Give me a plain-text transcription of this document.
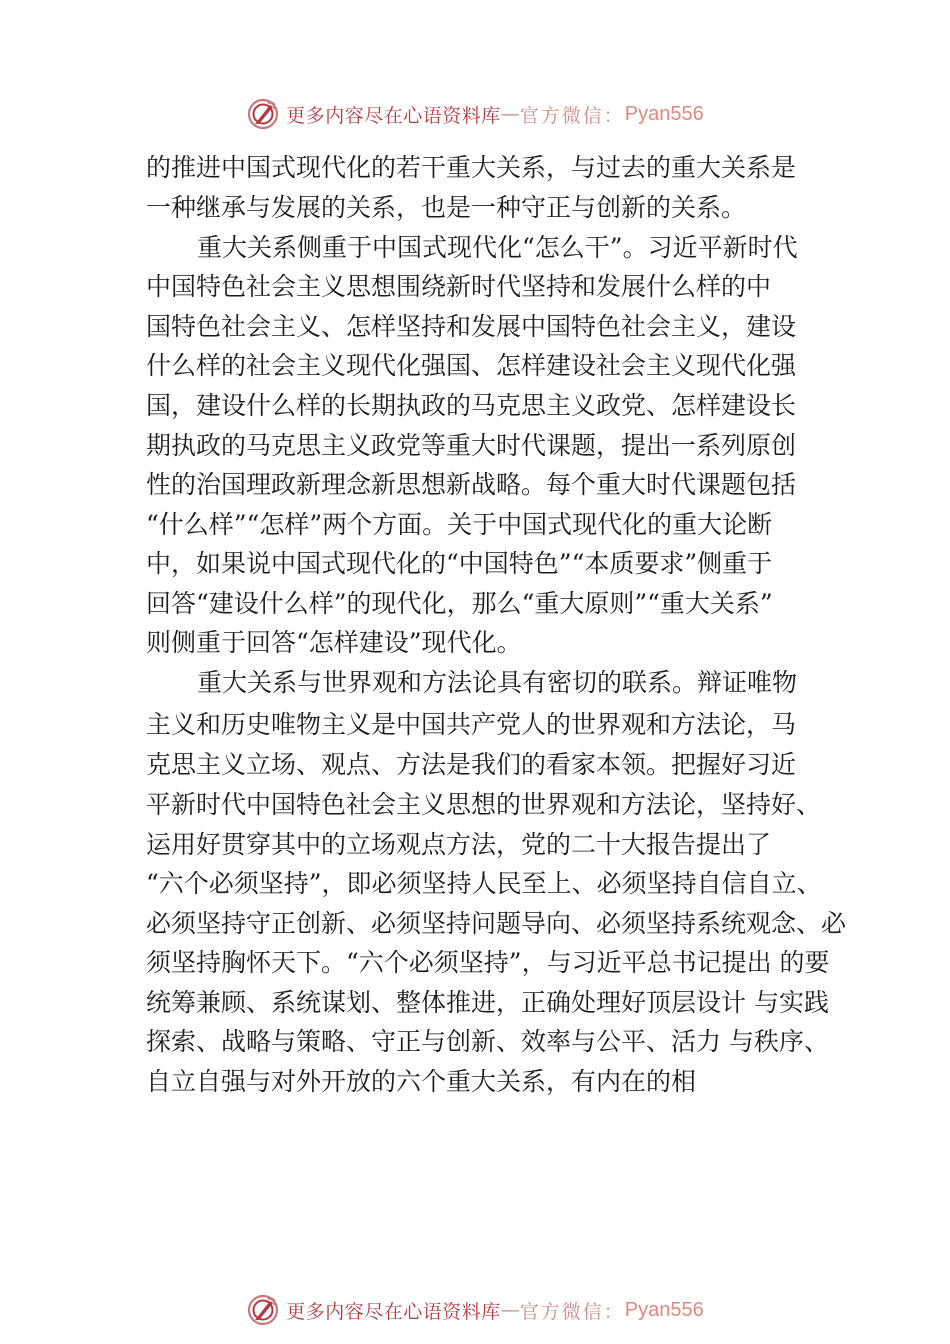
更多内容尽在心语资料库 — 官方微信： Pyan556
的推进中国式现代化的若干重大关系，与过去的重大关系是
一种继承与发展的关系，也是一种守正与创新的关系。
重大关系侧重于中国式现代化“怎么干”。习近平新时代
中国特色社会主义思想围绕新时代坚持和发展什么样的中
国特色社会主义、怎样坚持和发展中国特色社会主义，建设
什么样的社会主义现代化强国、怎样建设社会主义现代化强
国，建设什么样的长期执政的马克思主义政党、怎样建设长
期执政的马克思主义政党等重大时代课题，提出一系列原创
性的治国理政新理念新思想新战略。每个重大时代课题包括
“什么样”“怎样”两个方面。关于中国式现代化的重大论断
中，如果说中国式现代化的“中国特色”“本质要求”侧重于
回答“建设什么样”的现代化，那么“重大原则”“重大关系”
则侧重于回答“怎样建设”现代化。
重大关系与世界观和方法论具有密切的联系。辩证唯物
主义和历史唯物主义是中国共产党人的世界观和方法论，马
克思主义立场、观点、方法是我们的看家本领。把握好习近
平新时代中国特色社会主义思想的世界观和方法论，坚持好、
运用好贯穿其中的立场观点方法，党的二十大报告提出了
“六个必须坚持”，即必须坚持人民至上、必须坚持自信自立、
必须坚持守正创新、必须坚持问题导向、必须坚持系统观念、必
须坚持胸怀天下。“六个必须坚持”，与习近平总书记提出 的要
统筹兼顾、系统谋划、整体推进，正确处理好顶层设计 与实践
探索、战略与策略、守正与创新、效率与公平、活力 与秩序、
自立自强与对外开放的六个重大关系，有内在的相
更多内容尽在心语资料库 — 官方微信： Pyan556
